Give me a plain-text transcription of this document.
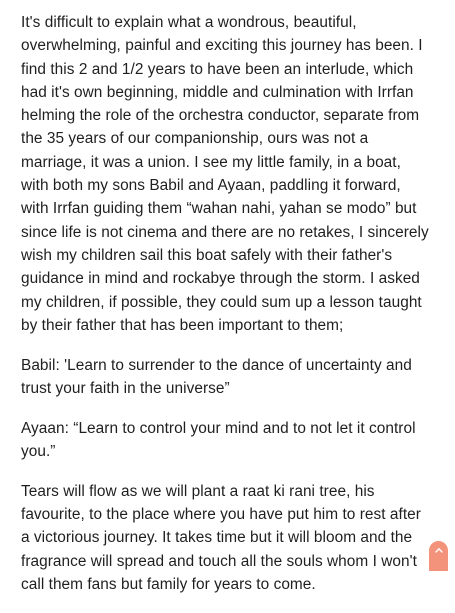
It's difficult to explain what a wondrous, beautiful,
overwhelming, painful and exciting this journey has been. I
find this 2 and 1/2 years to have been an interlude, which
had it's own beginning, middle and culmination with Irrfan
helming the role of the orchestra conductor, separate from
the 35 years of our companionship, ours was not a
marriage, it was a union. I see my little family, in a boat,
with both my sons Babil and Ayaan, paddling it forward,
with Irrfan guiding them “wahan nahi, yahan se modo” but
since life is not cinema and there are no retakes, I sincerely
wish my children sail this boat safely with their father's
guidance in mind and rockabye through the storm. I asked
my children, if possible, they could sum up a lesson taught
by their father that has been important to them;

Babil: 'Learn to surrender to the dance of uncertainty and
trust your faith in the universe”

Ayaan: “Learn to control your mind and to not let it control
you.”

Tears will flow as we will plant a raat ki rani tree, his
favourite, to the place where you have put him to rest after
a victorious journey. It takes time but it will bloom and the
fragrance will spread and touch all the souls whom I won't
call them fans but family for years to come.
